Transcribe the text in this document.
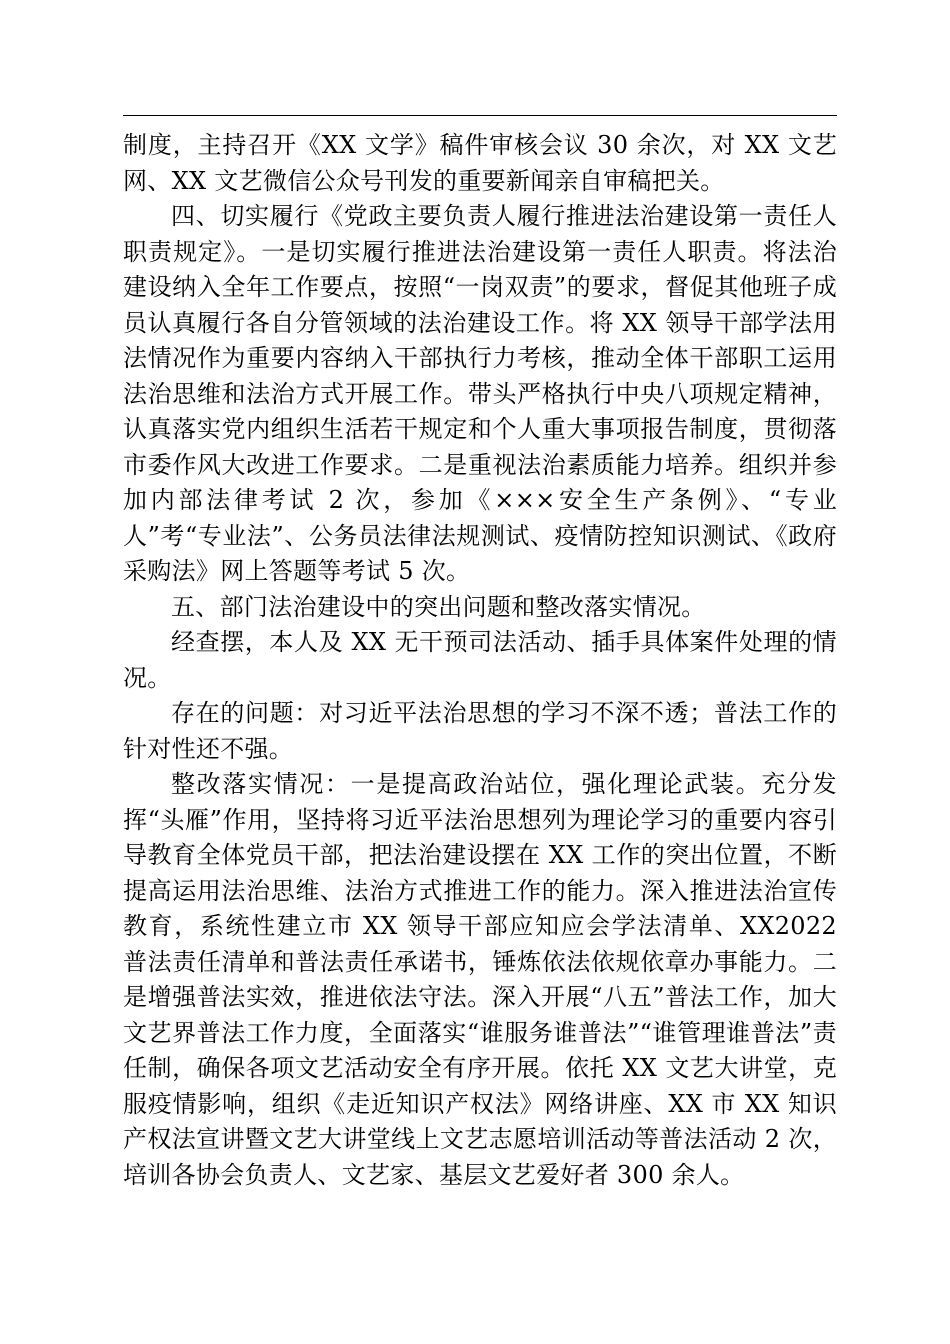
制度，主持召开《XX 文学》稿件审核会议 30 余次，对 XX 文艺网、XX 文艺微信公众号刊发的重要新闻亲自审稿把关。

四、切实履行《党政主要负责人履行推进法治建设第一责任人职责规定》。一是切实履行推进法治建设第一责任人职责。将法治建设纳入全年工作要点，按照“一岗双责”的要求，督促其他班子成员认真履行各自分管领域的法治建设工作。将 XX 领导干部学法用法情况作为重要内容纳入干部执行力考核，推动全体干部职工运用法治思维和法治方式开展工作。带头严格执行中央八项规定精神，认真落实党内组织生活若干规定和个人重大事项报告制度，贯彻落市委作风大改进工作要求。二是重视法治素质能力培养。组织并参加内部法律考试 2 次，参加《×××安全生产条例》、“专业人”考“专业法”、公务员法律法规测试、疫情防控知识测试、《政府采购法》网上答题等考试 5 次。

五、部门法治建设中的突出问题和整改落实情况。

经查摆，本人及 XX 无干预司法活动、插手具体案件处理的情况。

存在的问题：对习近平法治思想的学习不深不透；普法工作的针对性还不强。

整改落实情况：一是提高政治站位，强化理论武装。充分发挥“头雁”作用，坚持将习近平法治思想列为理论学习的重要内容引导教育全体党员干部，把法治建设摆在 XX 工作的突出位置，不断提高运用法治思维、法治方式推进工作的能力。深入推进法治宣传教育，系统性建立市 XX 领导干部应知应会学法清单、XX2022 普法责任清单和普法责任承诺书，锤炼依法依规依章办事能力。二是增强普法实效，推进依法守法。深入开展“八五”普法工作，加大文艺界普法工作力度，全面落实“谁服务谁普法”“谁管理谁普法”责任制，确保各项文艺活动安全有序开展。依托 XX 文艺大讲堂，克服疫情影响，组织《走近知识产权法》网络讲座、XX 市 XX 知识产权法宣讲暨文艺大讲堂线上文艺志愿培训活动等普法活动 2 次，培训各协会负责人、文艺家、基层文艺爱好者 300 余人。
